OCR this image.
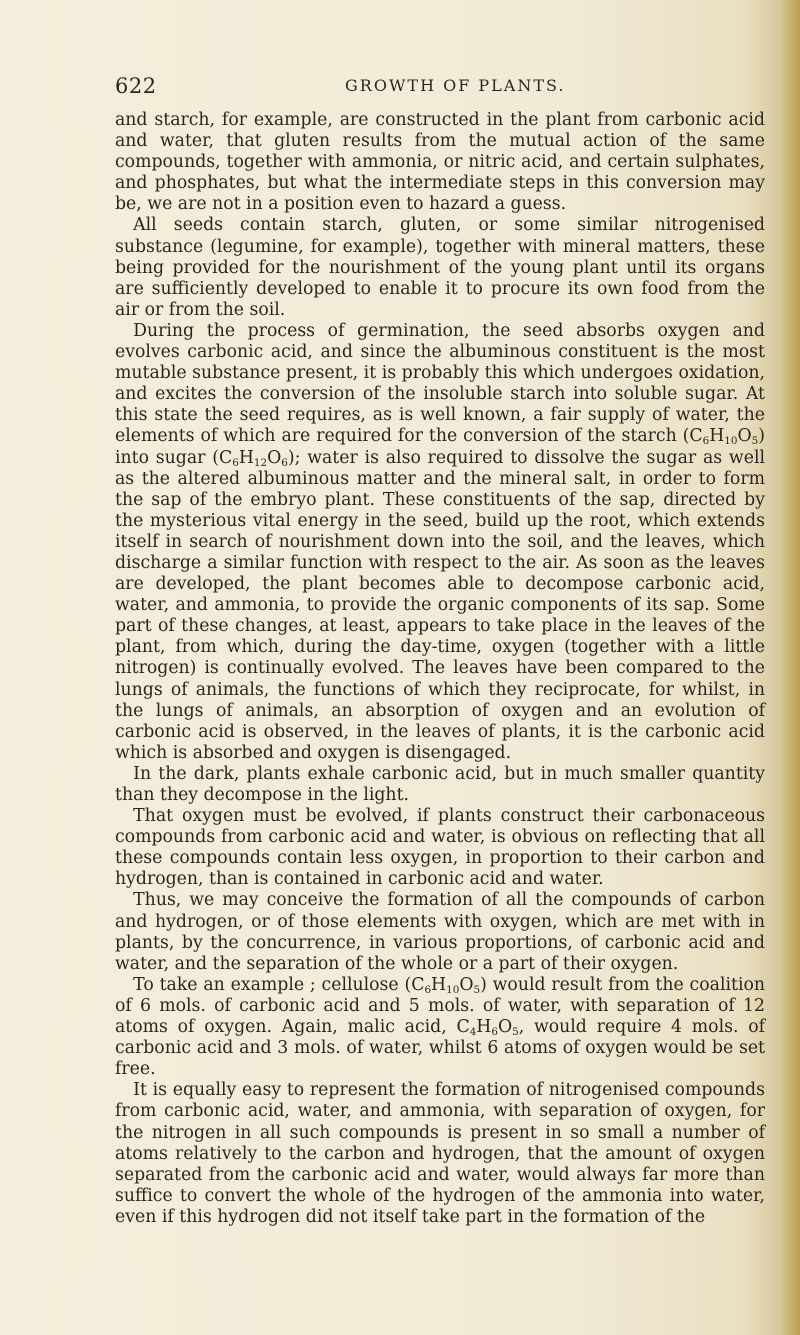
622	GROWTH OF PLANTS.

and starch, for example, are constructed in the plant from carbonic acid and water, that gluten results from the mutual action of the same compounds, together with ammonia, or nitric acid, and certain sulphates, and phosphates, but what the intermediate steps in this conversion may be, we are not in a position even to hazard a guess.

All seeds contain starch, gluten, or some similar nitrogenised substance (legumine, for example), together with mineral matters, these being provided for the nourishment of the young plant until its organs are sufficiently developed to enable it to procure its own food from the air or from the soil.

During the process of germination, the seed absorbs oxygen and evolves carbonic acid, and since the albuminous constituent is the most mutable substance present, it is probably this which undergoes oxidation, and excites the conversion of the insoluble starch into soluble sugar. At this state the seed requires, as is well known, a fair supply of water, the elements of which are required for the conversion of the starch $(C_6H_{10}O_5)$ into sugar $(C_6H_{12}O_6)$; water is also required to dissolve the sugar as well as the altered albuminous matter and the mineral salt, in order to form the sap of the embryo plant. These constituents of the sap, directed by the mysterious vital energy in the seed, build up the root, which extends itself in search of nourishment down into the soil, and the leaves, which discharge a similar function with respect to the air. As soon as the leaves are developed, the plant becomes able to decompose carbonic acid, water, and ammonia, to provide the organic components of its sap. Some part of these changes, at least, appears to take place in the leaves of the plant, from which, during the day-time, oxygen (together with a little nitrogen) is continually evolved. The leaves have been compared to the lungs of animals, the functions of which they reciprocate, for whilst, in the lungs of animals, an absorption of oxygen and an evolution of carbonic acid is observed, in the leaves of plants, it is the carbonic acid which is absorbed and oxygen is disengaged.

In the dark, plants exhale carbonic acid, but in much smaller quantity than they decompose in the light.

That oxygen must be evolved, if plants construct their carbonaceous compounds from carbonic acid and water, is obvious on reflecting that all these compounds contain less oxygen, in proportion to their carbon and hydrogen, than is contained in carbonic acid and water.

Thus, we may conceive the formation of all the compounds of carbon and hydrogen, or of those elements with oxygen, which are met with in plants, by the concurrence, in various proportions, of carbonic acid and water, and the separation of the whole or a part of their oxygen.

To take an example ; cellulose $(C_6H_{10}O_5)$ would result from the coalition of 6 mols. of carbonic acid and 5 mols. of water, with separation of 12 atoms of oxygen. Again, malic acid, $C_4H_6O_5$, would require 4 mols. of carbonic acid and 3 mols. of water, whilst 6 atoms of oxygen would be set free.

It is equally easy to represent the formation of nitrogenised compounds from carbonic acid, water, and ammonia, with separation of oxygen, for the nitrogen in all such compounds is present in so small a number of atoms relatively to the carbon and hydrogen, that the amount of oxygen separated from the carbonic acid and water, would always far more than suffice to convert the whole of the hydrogen of the ammonia into water, even if this hydrogen did not itself take part in the formation of the
